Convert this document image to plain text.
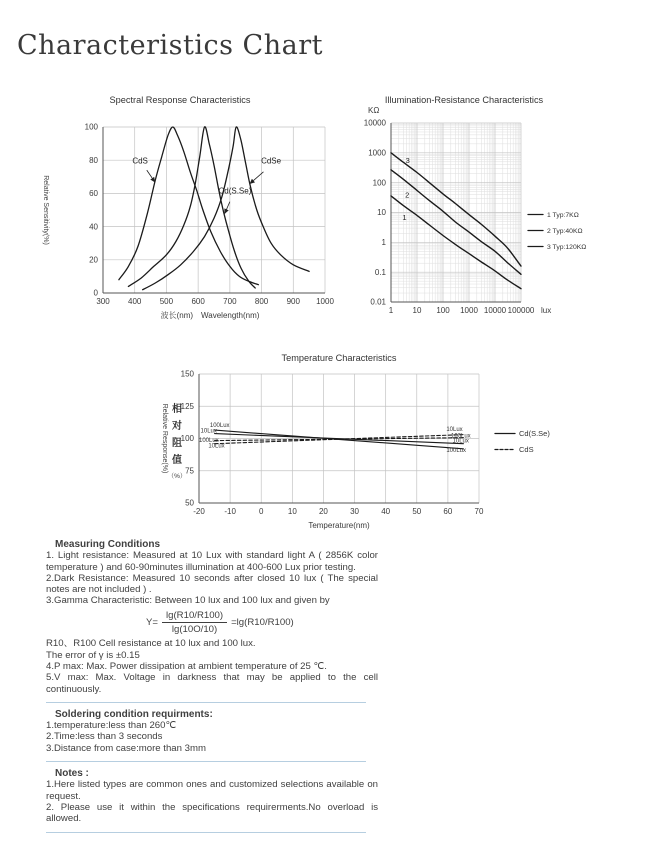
Characteristics Chart
0
20
40
60
80
100
300 400 500 600 700 800 900 1000
Spectral Response Characteristics
波长(nm)　Wavelength(nm)
Relative Sensitivity(%)
CdS
Cd(S.Se)
CdSe
10000
1000
100
10
1
0.1
0.01
1 10 100 1000 10000 100000
Illumination-Resistance Characteristics
KΩ
lux
1
2
3
1 Typ:7KΩ
2 Typ:40KΩ
3 Typ:120KΩ
50
75
100
125
150
-20 -10	0	10	20	30	40	50	60	70
Temperature Characteristics
Temperature(nm)
Relative Response(%) 相
对
阻
值
（%）
100Lux
10Lux
100Lux
10Lux
10Lux
100Lux
10Lux
100Lux
Cd(S.Se)
CdS

Measuring Conditions

1. Light resistance: Measured at 10 Lux with standard light A ( 2856K color temperature ) and 60-90minutes illumination at 400-600 Lux prior testing.

2.Dark Resistance: Measured 10 seconds after closed 10 lux ( The special notes are not included ) .

3.Gamma Characteristic: Between 10 lux and 100 lux and given by

$Y= \frac{\lg(R10/R100)}{\lg(10O/10)} =\lg(R10/R100)$

R10、R100 Cell resistance at 10 lux and 100 lux.

The error of γ is ±0.15

4.P max: Max. Power dissipation at ambient temperature of 25 ℃.

5.V max: Max. Voltage in darkness that may be applied to the cell continuously.

Soldering condition requirments:

1.temperature:less than 260℃

2.Time:less than 3 seconds

3.Distance from case:more than 3mm

Notes :

1.Here listed types are common ones and customized selections available on request.

2. Please use it within the specifications requirerments.No overload is allowed.
